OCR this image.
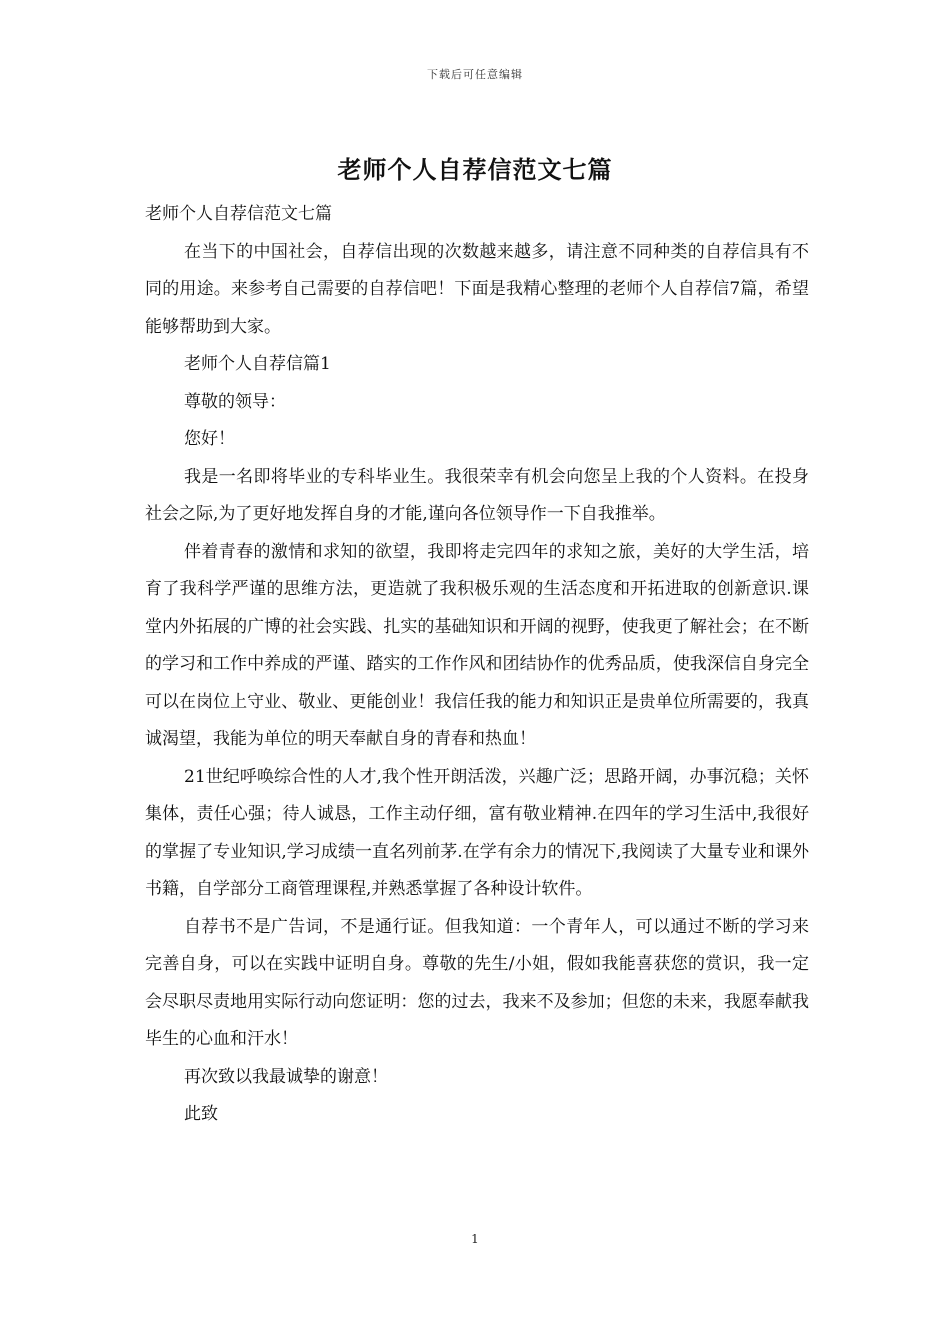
下载后可任意编辑
老师个人自荐信范文七篇

老师个人自荐信范文七篇

在当下的中国社会，自荐信出现的次数越来越多，请注意不同种类的自荐信具有不同的用途。来参考自己需要的自荐信吧！下面是我精心整理的老师个人自荐信7篇，希望能够帮助到大家。

老师个人自荐信篇1

尊敬的领导：

您好！

我是一名即将毕业的专科毕业生。我很荣幸有机会向您呈上我的个人资料。在投身社会之际,为了更好地发挥自身的才能,谨向各位领导作一下自我推举。

伴着青春的激情和求知的欲望，我即将走完四年的求知之旅，美好的大学生活，培育了我科学严谨的思维方法，更造就了我积极乐观的生活态度和开拓进取的创新意识.课堂内外拓展的广博的社会实践、扎实的基础知识和开阔的视野，使我更了解社会；在不断的学习和工作中养成的严谨、踏实的工作作风和团结协作的优秀品质，使我深信自身完全可以在岗位上守业、敬业、更能创业！我信任我的能力和知识正是贵单位所需要的，我真诚渴望，我能为单位的明天奉献自身的青春和热血！

21世纪呼唤综合性的人才,我个性开朗活泼，兴趣广泛；思路开阔，办事沉稳；关怀集体，责任心强；待人诚恳，工作主动仔细，富有敬业精神.在四年的学习生活中,我很好的掌握了专业知识,学习成绩一直名列前茅.在学有余力的情况下,我阅读了大量专业和课外书籍，自学部分工商管理课程,并熟悉掌握了各种设计软件。

自荐书不是广告词，不是通行证。但我知道：一个青年人，可以通过不断的学习来完善自身，可以在实践中证明自身。尊敬的先生/小姐，假如我能喜获您的赏识，我一定会尽职尽责地用实际行动向您证明：您的过去，我来不及参加；但您的未来，我愿奉献我毕生的心血和汗水！

再次致以我最诚挚的谢意！

此致

1
